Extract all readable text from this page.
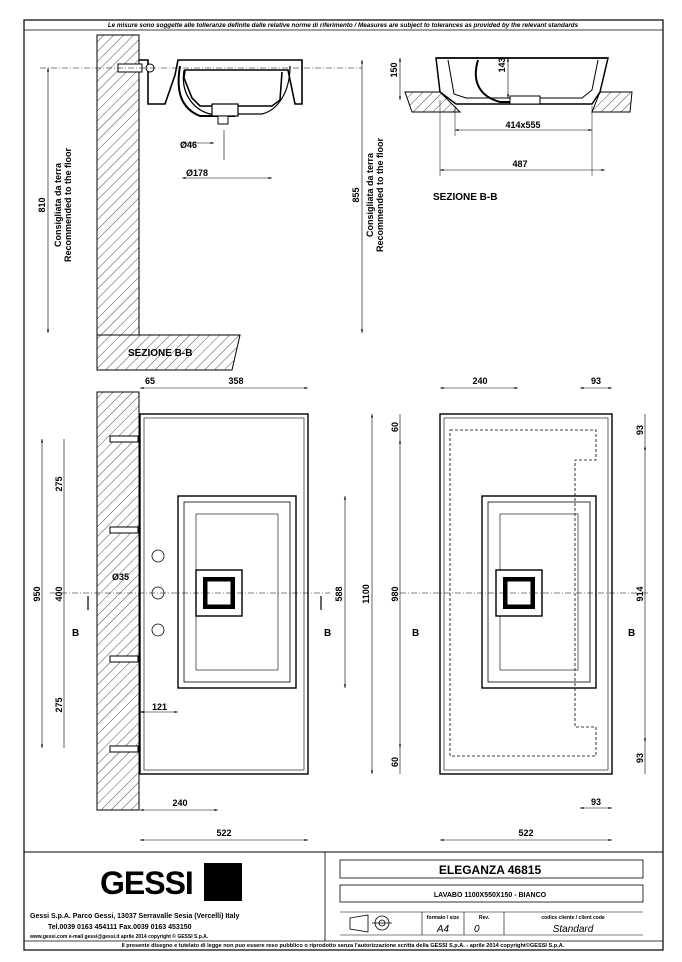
Le misure sono soggette alle tolleranze definite dalle relative norme di riferimento / Measures are subject to tolerances as provided by the relevant standards
Ø46
Ø178
810 Consigliata da terra Recommended to the floor	855 Consigliata da terra Recommended to the floor
SEZIONE B-B
150	143
414x555
487
SEZIONE B-B
358
65
950
275
400
275
Ø35
588 1100
121
240
522
B	B
240	93
60
980
60
93
914
93
93
522
B	B
GESSI
Gessi S.p.A. Parco Gessi, 13037 Serravalle Sesia (Vercelli) Italy
Tel.0039 0163 454111 Fax.0039 0163 453150
www.gessi.com e-mail gessi@gessi.it aprile 2014 copyright © GESSI S.p.A.
ELEGANZA 46815
LAVABO 1100X550X150 - BIANCO
formato / size
A4
Rev.
0
codice cliente / client code
Standard
Il presente disegno e tutelato di legge non puo essere reso pubblico o riprodotto senza l'autorizzazione scritta della GESSI S.p.A. - aprile 2014 copyright©GESSI S.p.A.
